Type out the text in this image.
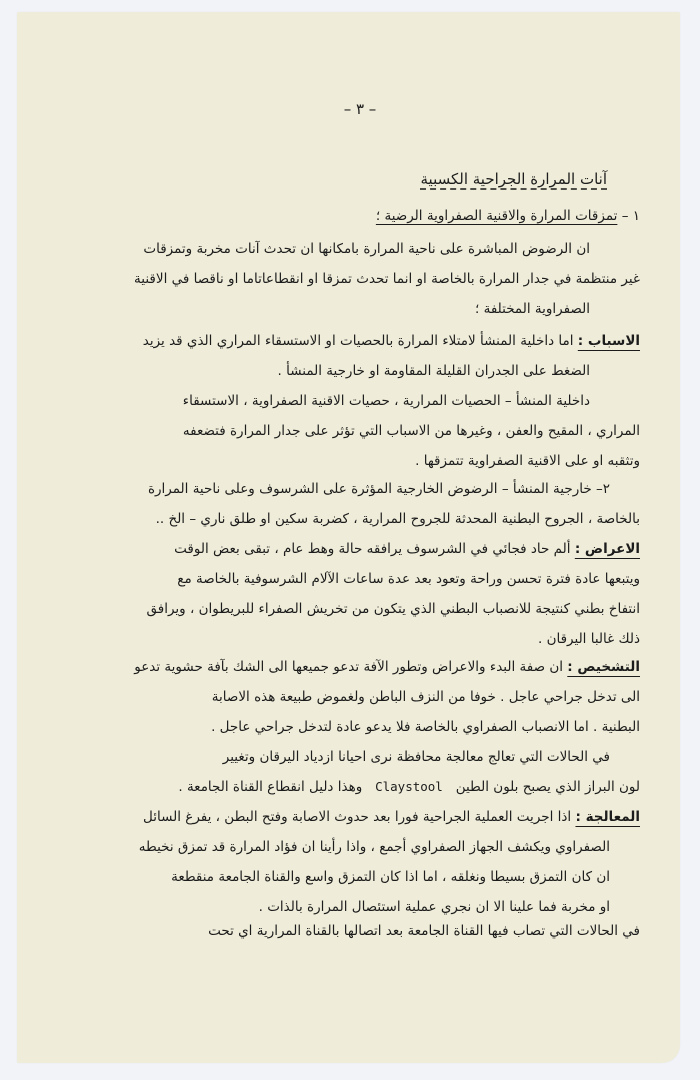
– ٣ –
آنات المرارة الجراحية الكسبية
١ – تمزقات المرارة والاقنية الصفراوية الرضية ؛
ان الرضوض المباشرة على ناحية المرارة بامكانها ان تحدث آنات مخربة وتمزقات
غير منتظمة في جدار المرارة بالخاصة او انما تحدث تمزقا او انقطاعاتاما او ناقصا في الاقنية
الصفراوية المختلفة ؛
الاسباب : اما داخلية المنشأ لامتلاء المرارة بالحصيات او الاستسقاء المراري الذي قد يزيد
الضغط على الجدران القليلة المقاومة او خارجية المنشأ .
داخلية المنشأ – الحصيات المرارية ، حصيات الاقنية الصفراوية ، الاستسقاء
المراري ، المقيح والعفن ، وغيرها من الاسباب التي تؤثر على جدار المرارة فتضعفه
وتثقبه او على الاقنية الصفراوية تتمزقها .
٢– خارجية المنشأ – الرضوض الخارجية المؤثرة على الشرسوف وعلى ناحية المرارة
بالخاصة ، الجروح البطنية المحدثة للجروح المرارية ، كضربة سكين او طلق ناري – الخ ..
الاعراض : ألم حاد فجائي في الشرسوف يرافقه حالة وهط عام ، تبقى بعض الوقت
ويتبعها عادة فترة تحسن وراحة وتعود بعد عدة ساعات الآلام الشرسوفية بالخاصة مع
انتفاخ بطني كنتيجة للانصباب البطني الذي يتكون من تخريش الصفراء للبريطوان ، ويرافق
ذلك غالبا اليرقان .
التشخيص : ان صفة البدء والاعراض وتطور الآفة تدعو جميعها الى الشك بآفة حشوية تدعو
الى تدخل جراحي عاجل . خوفا من النزف الباطن ولغموض طبيعة هذه الاصابة
البطنية . اما الانصباب الصفراوي بالخاصة فلا يدعو عادة لتدخل جراحي عاجل .
في الحالات التي تعالج معالجة محافظة نرى احيانا ازدياد اليرقان وتغيير
لون البراز الذي يصبح بلون الطين   Claystool   وهذا دليل انقطاع القناة الجامعة .
المعالجة : اذا اجريت العملية الجراحية فورا بعد حدوث الاصابة وفتح البطن ، يفرغ السائل
الصفراوي ويكشف الجهاز الصفراوي أجمع ، واذا رأينا ان فؤاد المرارة قد تمزق نخيطه
ان كان التمزق بسيطا ونغلقه ، اما اذا كان التمزق واسع والقناة الجامعة منقطعة
او مخربة فما علينا الا ان نجري عملية استئصال المرارة بالذات .
في الحالات التي تصاب فيها القناة الجامعة بعد اتصالها بالقناة المرارية اي تحت
